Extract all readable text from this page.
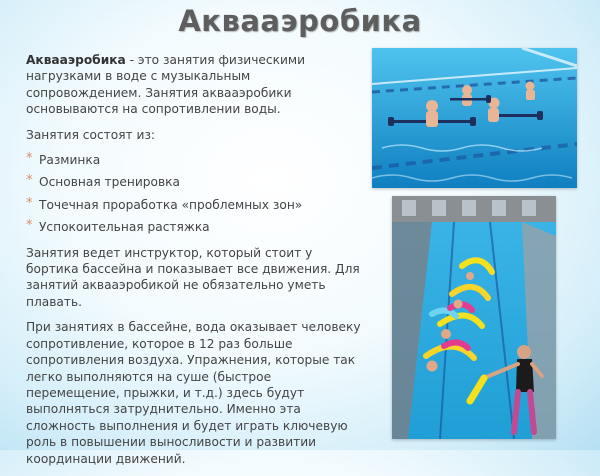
Аквааэробика

Аквааэробика - это занятия физическими нагрузками в воде с музыкальным сопровождением. Занятия аквааэробики основываются на сопротивлении воды.

Занятия состоят из:

* Разминка
* Основная тренировка
* Точечная проработка «проблемных зон»
* Успокоительная растяжка

Занятия ведет инструктор, который стоит у бортика бассейна и показывает все движения. Для занятий аквааэробикой не обязательно уметь плавать.

При занятиях в бассейне, вода оказывает человеку сопротивление, которое в 12 раз больше сопротивления воздуха. Упражнения, которые так легко выполняются на суше (быстрое перемещение, прыжки, и т.д.) здесь будут выполняться затруднительно. Именно эта сложность выполнения и будет играть ключевую роль в повышении выносливости и развитии координации движений.
